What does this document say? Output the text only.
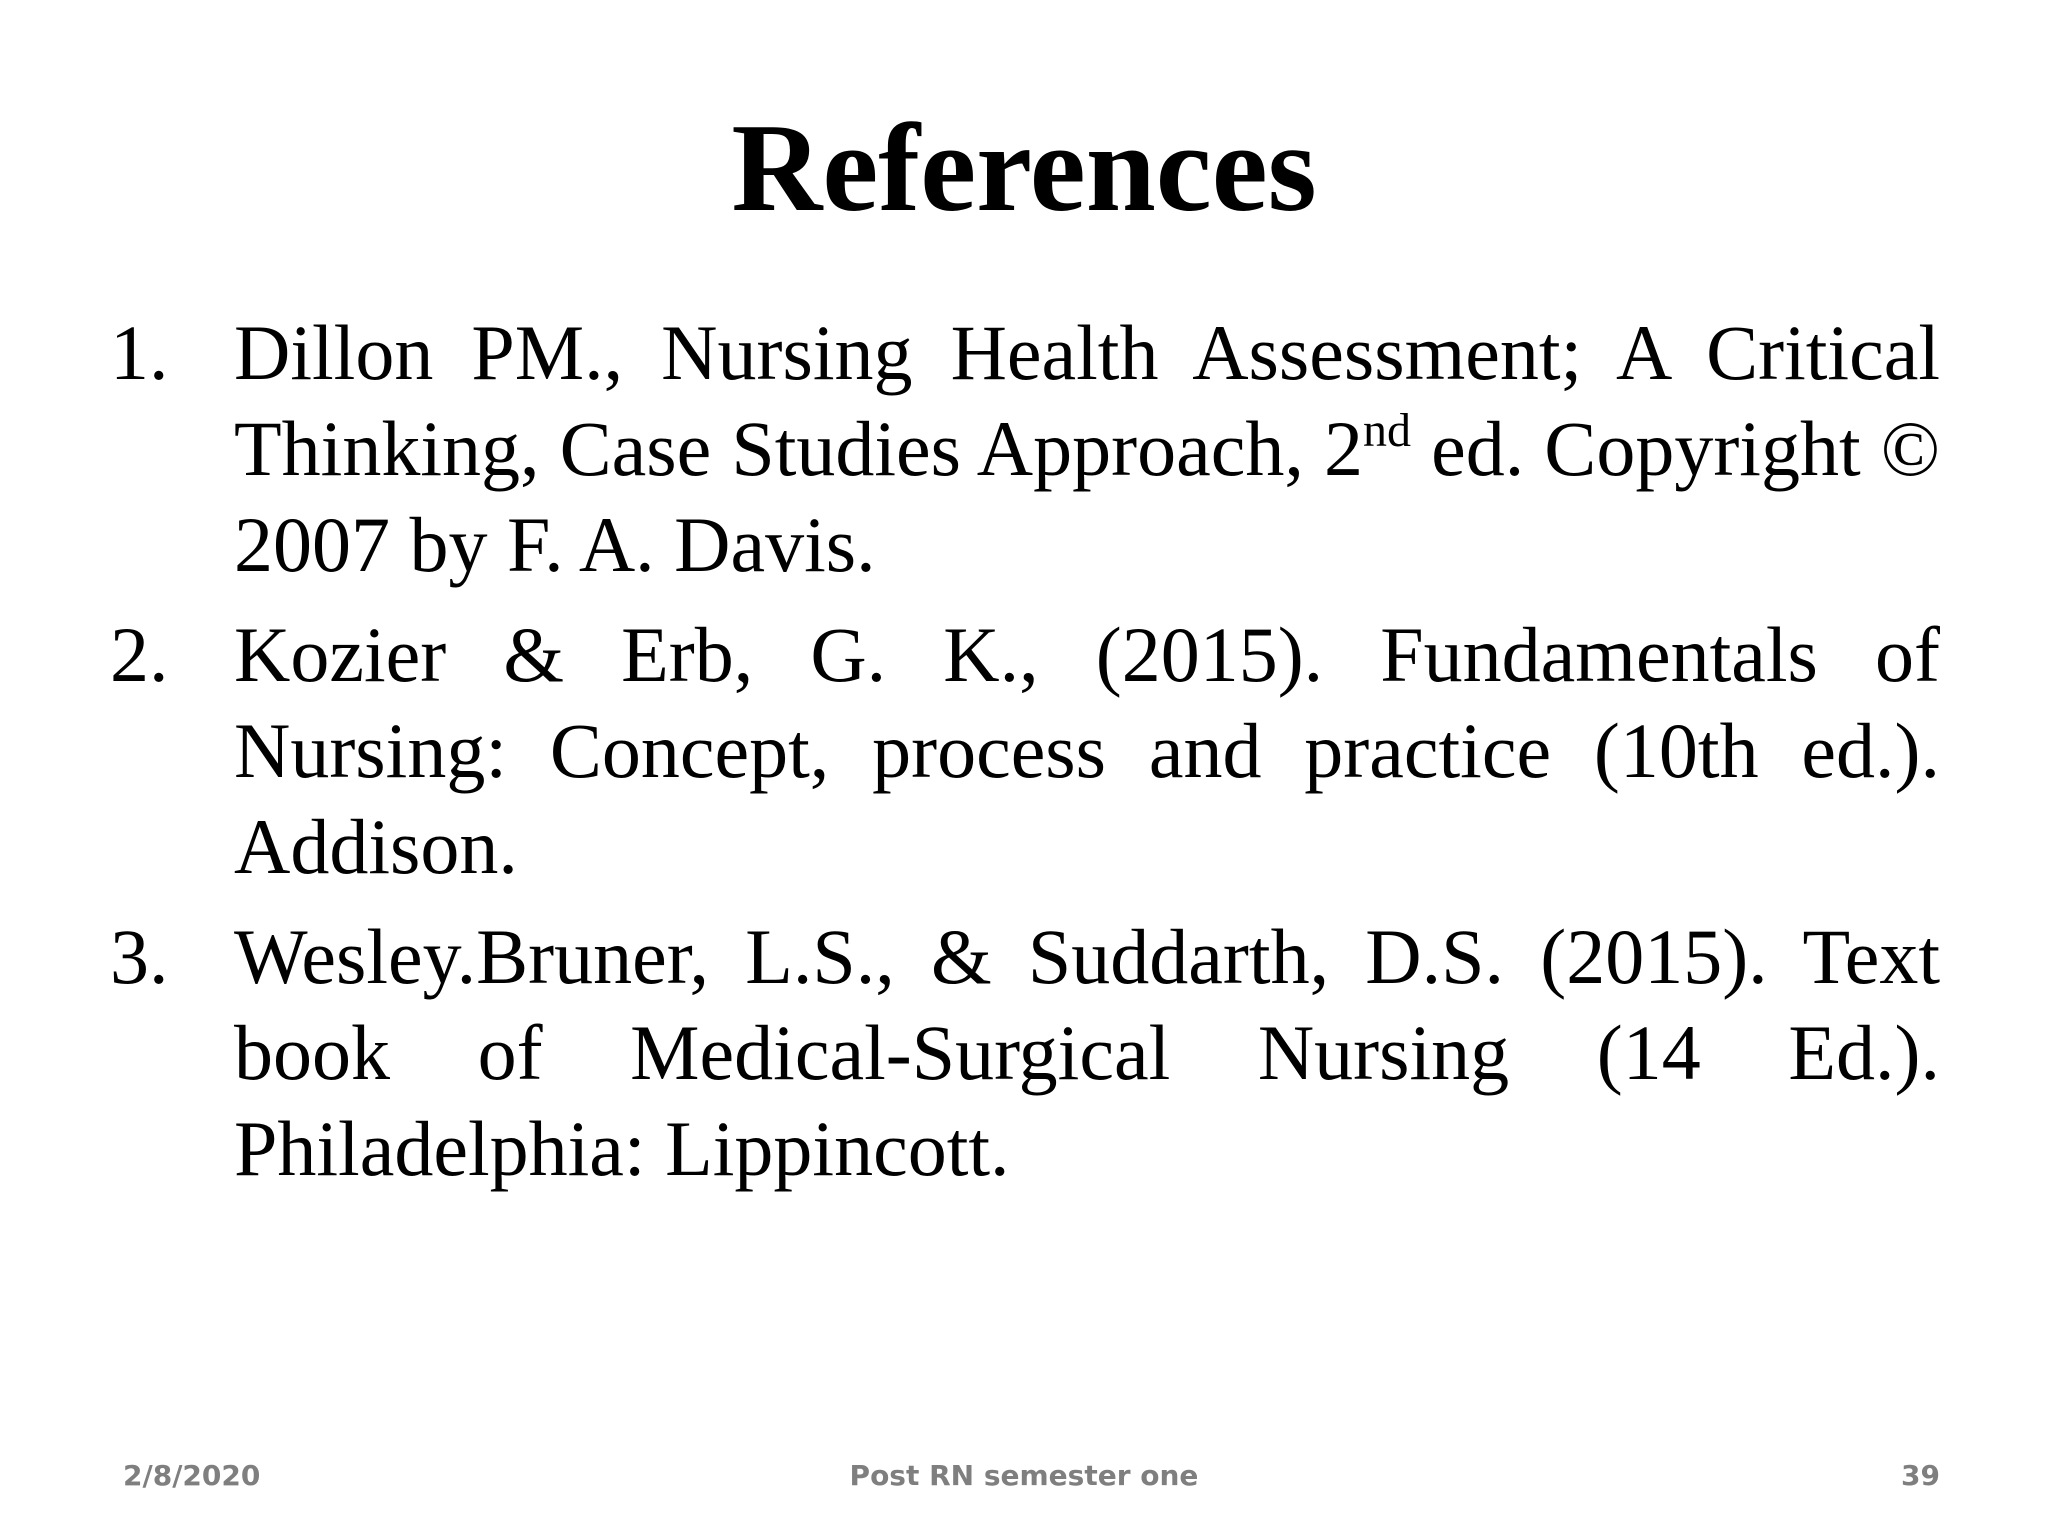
References
1. Dillon PM., Nursing Health Assessment; A Critical Thinking, Case Studies Approach, 2nd ed. Copyright © 2007 by F. A. Davis.
2. Kozier & Erb, G. K., (2015). Fundamentals of Nursing: Concept, process and practice (10th ed.). Addison.
3. Wesley.Bruner, L.S., & Suddarth, D.S. (2015). Text book of Medical-Surgical Nursing (14 Ed.). Philadelphia: Lippincott.
2/8/2020	Post RN semester one	39
